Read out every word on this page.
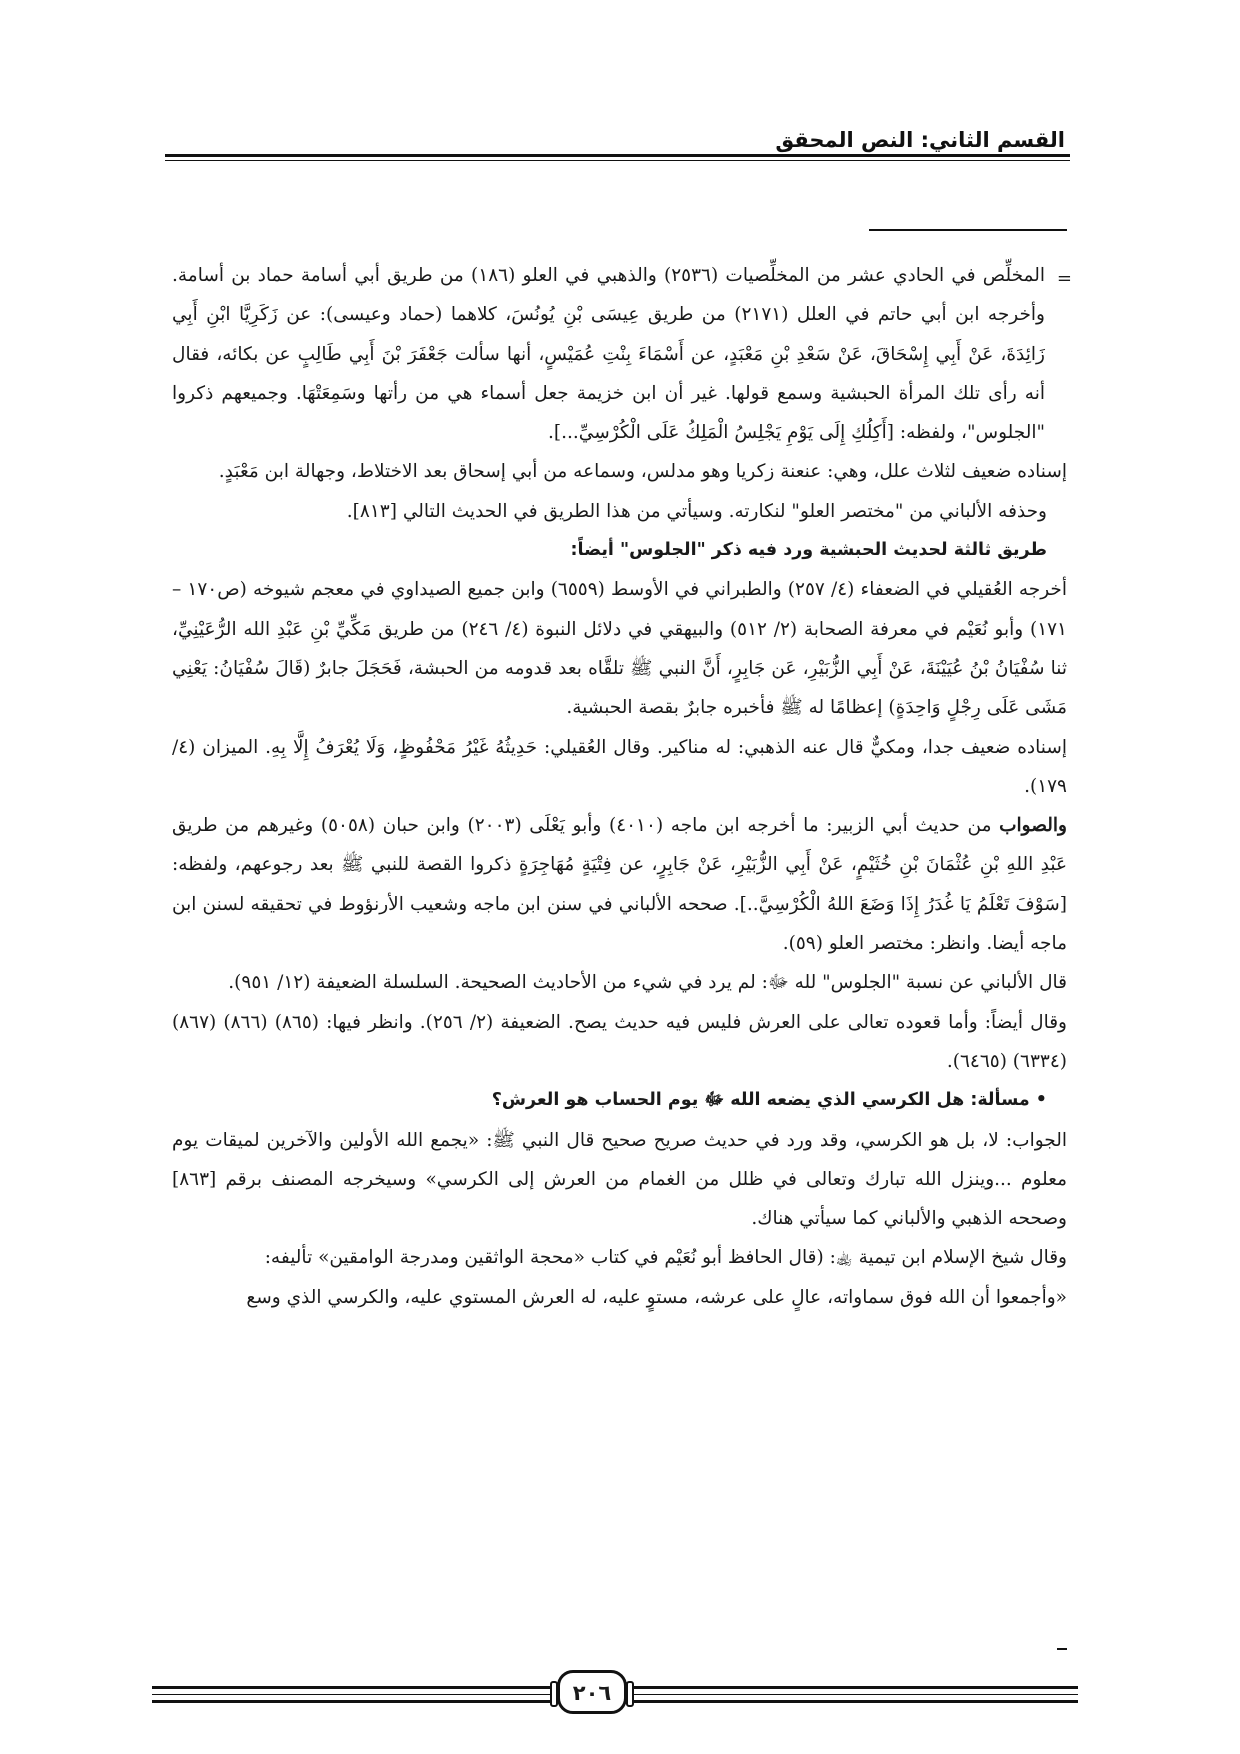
القسم الثاني: النص المحقق
=

المخلِّص في الحادي عشر من المخلِّصيات (٢٥٣٦) والذهبي في العلو (١٨٦) من طريق أبي أسامة حماد بن أسامة. وأخرجه ابن أبي حاتم في العلل (٢١٧١) من طريق عِيسَى بْنِ يُونُسَ، كلاهما (حماد وعيسى): عن زَكَرِيَّا ابْنِ أَبِي زَائِدَةَ، عَنْ أَبِي إِسْحَاقَ، عَنْ سَعْدِ بْنِ مَعْبَدٍ، عن أَسْمَاءَ بِنْتِ عُمَيْسٍ، أنها سألت جَعْفَرَ بْنَ أَبِي طَالِبٍ عن بكائه، فقال أنه رأى تلك المرأة الحبشية وسمع قولها. غير أن ابن خزيمة جعل أسماء هي من رأتها وسَمِعَتْهَا. وجميعهم ذكروا "الجلوس"، ولفظه: [أَكِلُكِ إِلَى يَوْمِ يَجْلِسُ الْمَلِكُ عَلَى الْكُرْسِيِّ...].

إسناده ضعيف لثلاث علل، وهي: عنعنة زكريا وهو مدلس، وسماعه من أبي إسحاق بعد الاختلاط، وجهالة ابن مَعْبَدٍ.

وحذفه الألباني من "مختصر العلو" لنكارته. وسيأتي من هذا الطريق في الحديث التالي [٨١٣].

طريق ثالثة لحديث الحبشية ورد فيه ذكر "الجلوس" أيضاً:

أخرجه العُقيلي في الضعفاء (٤/ ٢٥٧) والطبراني في الأوسط (٦٥٥٩) وابن جميع الصيداوي في معجم شيوخه (ص١٧٠ – ١٧١) وأبو نُعَيْم في معرفة الصحابة (٢/ ٥١٢) والبيهقي في دلائل النبوة (٤/ ٢٤٦) من طريق مَكِّيِّ بْنِ عَبْدِ الله الرُّعَيْنِيِّ، ثنا سُفْيَانُ بْنُ عُيَيْنَةَ، عَنْ أَبِي الزُّبَيْرِ، عَن جَابِرٍ، أَنَّ النبي ﷺ تلقَّاه بعد قدومه من الحبشة، فَحَجَلَ جابرٌ (قَالَ سُفْيَانُ: يَعْنِي مَشَى عَلَى رِجْلٍ وَاحِدَةٍ) إعظامًا له ﷺ فأخبره جابرٌ بقصة الحبشية.

إسناده ضعيف جدا، ومكيٌّ قال عنه الذهبي: له مناكير. وقال العُقيلي: حَدِيثُهُ غَيْرُ مَحْفُوظٍ، وَلَا يُعْرَفُ إِلَّا بِهِ. الميزان (٤/ ١٧٩).

والصواب من حديث أبي الزبير: ما أخرجه ابن ماجه (٤٠١٠) وأبو يَعْلَى (٢٠٠٣) وابن حبان (٥٠٥٨) وغيرهم من طريق عَبْدِ اللهِ بْنِ عُثْمَانَ بْنِ خُثَيْمٍ، عَنْ أَبِي الزُّبَيْرِ، عَنْ جَابِرٍ، عن فِتْيَةٍ مُهَاجِرَةٍ ذكروا القصة للنبي ﷺ بعد رجوعهم، ولفظه: [سَوْفَ تَعْلَمُ يَا غُدَرُ إِذَا وَضَعَ اللهُ الْكُرْسِيَّ..]. صححه الألباني في سنن ابن ماجه وشعيب الأرنؤوط في تحقيقه لسنن ابن ماجه أيضا. وانظر: مختصر العلو (٥٩).

قال الألباني عن نسبة "الجلوس" لله ﷻ: لم يرد في شيء من الأحاديث الصحيحة. السلسلة الضعيفة (١٢/ ٩٥١).

وقال أيضاً: وأما قعوده تعالى على العرش فليس فيه حديث يصح. الضعيفة (٢/ ٢٥٦). وانظر فيها: (٨٦٥) (٨٦٦) (٨٦٧) (٦٣٣٤) (٦٤٦٥).

• مسألة: هل الكرسي الذي يضعه الله ﷻ يوم الحساب هو العرش؟

الجواب: لا، بل هو الكرسي، وقد ورد في حديث صريح صحيح قال النبي ﷺ: «يجمع الله الأولين والآخرين لميقات يوم معلوم ...وينزل الله تبارك وتعالى في ظلل من الغمام من العرش إلى الكرسي» وسيخرجه المصنف برقم [٨٦٣] وصححه الذهبي والألباني كما سيأتي هناك.

وقال شيخ الإسلام ابن تيمية ﵀: (قال الحافظ أبو نُعَيْم في كتاب «محجة الواثقين ومدرجة الوامقين» تأليفه:

«وأجمعوا أن الله فوق سماواته، عالٍ على عرشه، مستوٍ عليه، له العرش المستوي عليه، والكرسي الذي وسع

٢٠٦
